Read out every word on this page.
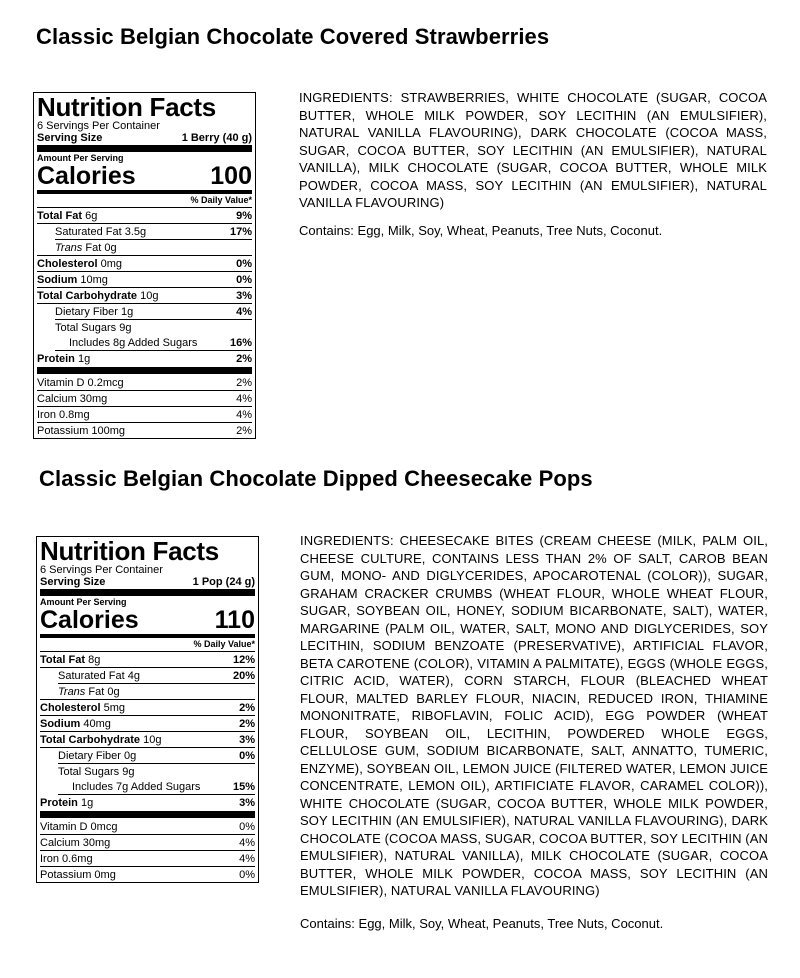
Classic Belgian Chocolate Covered Strawberries
Nutrition Facts
6 Servings Per Container
Serving Size	1 Berry (40 g)
Amount Per Serving
Calories	100
% Daily Value*
Total Fat 6g	9%
Saturated Fat 3.5g	17%
Trans Fat 0g
Cholesterol 0mg	0%
Sodium 10mg	0%
Total Carbohydrate 10g	3%
Dietary Fiber 1g	4%
Total Sugars 9g
Includes 8g Added Sugars	16%
Protein 1g	2%
Vitamin D 0.2mcg	2%
Calcium 30mg	4%
Iron 0.8mg	4%
Potassium 100mg	2%
INGREDIENTS: STRAWBERRIES, WHITE CHOCOLATE (SUGAR, COCOA BUTTER, WHOLE MILK POWDER, SOY LECITHIN (AN EMULSIFIER), NATURAL VANILLA FLAVOURING), DARK CHOCOLATE (COCOA MASS, SUGAR, COCOA BUTTER, SOY LECITHIN (AN EMULSIFIER), NATURAL VANILLA), MILK CHOCOLATE (SUGAR, COCOA BUTTER, WHOLE MILK POWDER, COCOA MASS, SOY LECITHIN (AN EMULSIFIER), NATURAL VANILLA FLAVOURING)
Contains: Egg, Milk, Soy, Wheat, Peanuts, Tree Nuts, Coconut.
Classic Belgian Chocolate Dipped Cheesecake Pops
Nutrition Facts
6 Servings Per Container
Serving Size	1 Pop (24 g)
Amount Per Serving
Calories	110
% Daily Value*
Total Fat 8g	12%
Saturated Fat 4g	20%
Trans Fat 0g
Cholesterol 5mg	2%
Sodium 40mg	2%
Total Carbohydrate 10g	3%
Dietary Fiber 0g	0%
Total Sugars 9g
Includes 7g Added Sugars	15%
Protein 1g	3%
Vitamin D 0mcg	0%
Calcium 30mg	4%
Iron 0.6mg	4%
Potassium 0mg	0%
INGREDIENTS: CHEESECAKE BITES (CREAM CHEESE (MILK, PALM OIL, CHEESE CULTURE, CONTAINS LESS THAN 2% OF SALT, CAROB BEAN GUM, MONO- AND DIGLYCERIDES, APOCAROTENAL (COLOR)), SUGAR, GRAHAM CRACKER CRUMBS (WHEAT FLOUR, WHOLE WHEAT FLOUR, SUGAR, SOYBEAN OIL, HONEY, SODIUM BICARBONATE, SALT), WATER, MARGARINE (PALM OIL, WATER, SALT, MONO AND DIGLYCERIDES, SOY LECITHIN, SODIUM BENZOATE (PRESERVATIVE), ARTIFICIAL FLAVOR, BETA CAROTENE (COLOR), VITAMIN A PALMITATE), EGGS (WHOLE EGGS, CITRIC ACID, WATER), CORN STARCH, FLOUR (BLEACHED WHEAT FLOUR, MALTED BARLEY FLOUR, NIACIN, REDUCED IRON, THIAMINE MONONITRATE, RIBOFLAVIN, FOLIC ACID), EGG POWDER (WHEAT FLOUR, SOYBEAN OIL, LECITHIN, POWDERED WHOLE EGGS, CELLULOSE GUM, SODIUM BICARBONATE, SALT, ANNATTO, TUMERIC, ENZYME), SOYBEAN OIL, LEMON JUICE (FILTERED WATER, LEMON JUICE CONCENTRATE, LEMON OIL), ARTIFICIATE FLAVOR, CARAMEL COLOR)), WHITE CHOCOLATE (SUGAR, COCOA BUTTER, WHOLE MILK POWDER, SOY LECITHIN (AN EMULSIFIER), NATURAL VANILLA FLAVOURING), DARK CHOCOLATE (COCOA MASS, SUGAR, COCOA BUTTER, SOY LECITHIN (AN EMULSIFIER), NATURAL VANILLA), MILK CHOCOLATE (SUGAR, COCOA BUTTER, WHOLE MILK POWDER, COCOA MASS, SOY LECITHIN (AN EMULSIFIER), NATURAL VANILLA FLAVOURING)
Contains: Egg, Milk, Soy, Wheat, Peanuts, Tree Nuts, Coconut.
